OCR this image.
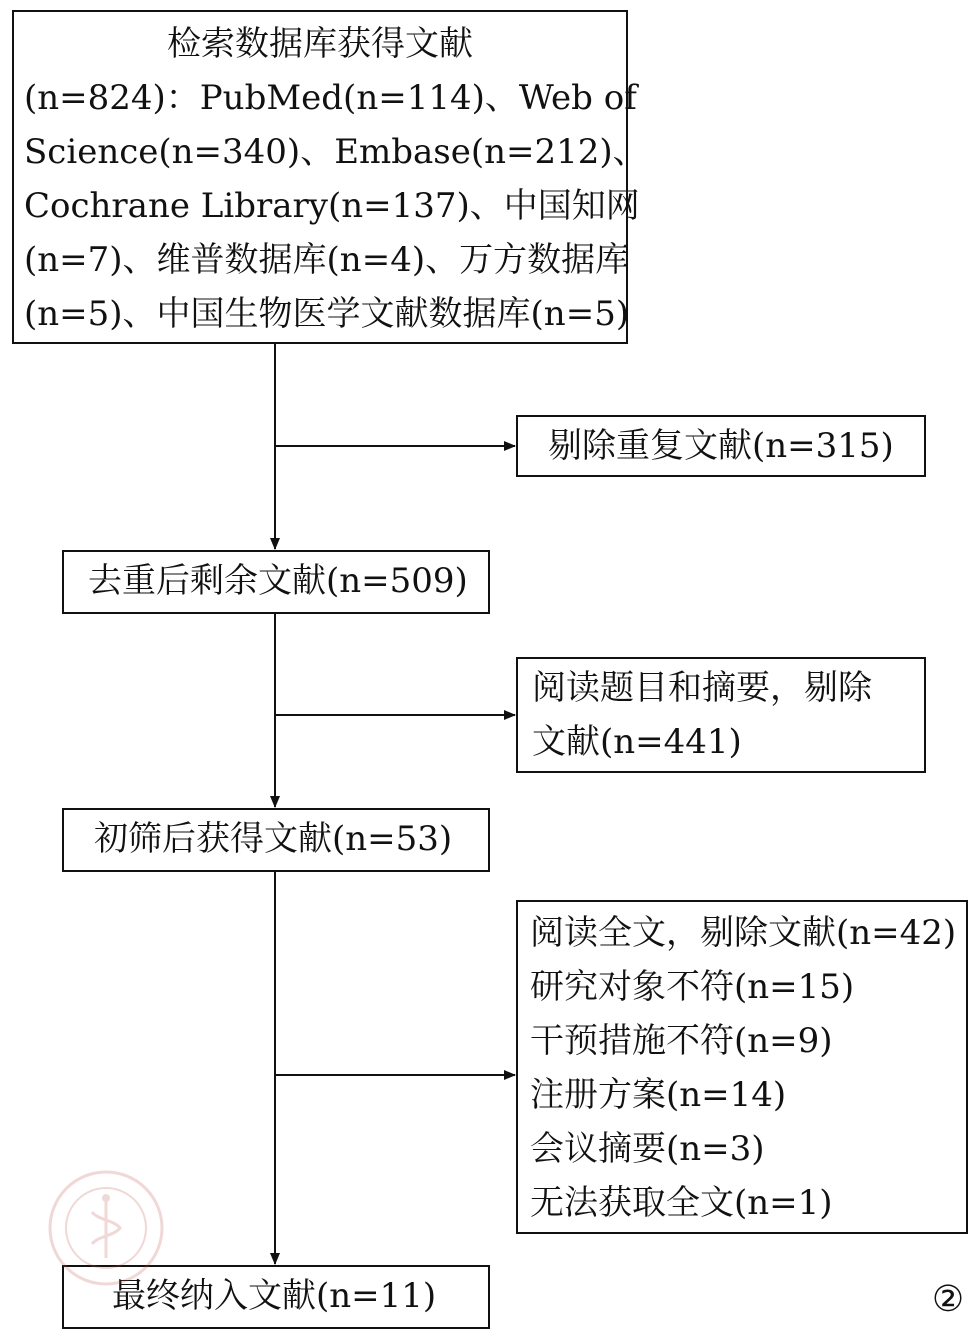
检索数据库获得文献
(n=824)：PubMed(n=114)、Web of
Science(n=340)、Embase(n=212)、
Cochrane Library(n=137)、中国知网
(n=7)、维普数据库(n=4)、万方数据库
(n=5)、中国生物医学文献数据库(n=5)
剔除重复文献(n=315)
去重后剩余文献(n=509)
阅读题目和摘要，剔除
文献(n=441)
初筛后获得文献(n=53)
阅读全文，剔除文献(n=42)
研究对象不符(n=15)
干预措施不符(n=9)
注册方案(n=14)
会议摘要(n=3)
无法获取全文(n=1)
最终纳入文献(n=11)	②
